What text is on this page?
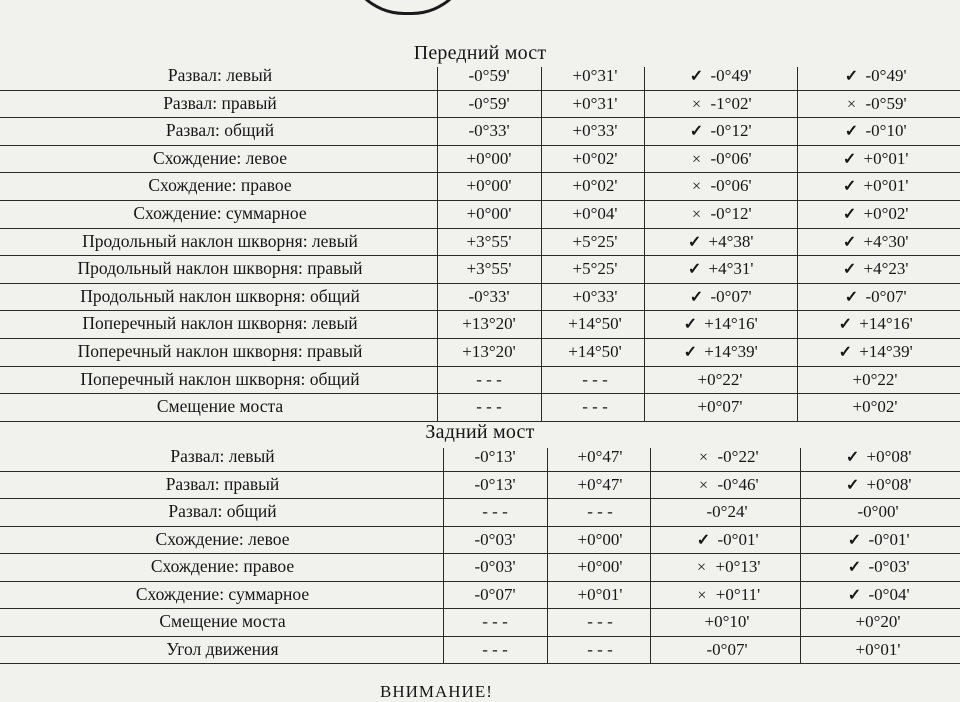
Передний мост
Развал: левый	-0°59'	+0°31'	✓ -0°49'	✓ -0°49'
Развал: правый	-0°59'	+0°31'	× -1°02'	× -0°59'
Развал: общий	-0°33'	+0°33'	✓ -0°12'	✓ -0°10'
Схождение: левое	+0°00'	+0°02'	× -0°06'	✓ +0°01'
Схождение: правое	+0°00'	+0°02'	× -0°06'	✓ +0°01'
Схождение: суммарное	+0°00'	+0°04'	× -0°12'	✓ +0°02'
Продольный наклон шкворня: левый	+3°55'	+5°25'	✓ +4°38'	✓ +4°30'
Продольный наклон шкворня: правый	+3°55'	+5°25'	✓ +4°31'	✓ +4°23'
Продольный наклон шкворня: общий	-0°33'	+0°33'	✓ -0°07'	✓ -0°07'
Поперечный наклон шкворня: левый	+13°20'	+14°50'	✓ +14°16'	✓ +14°16'
Поперечный наклон шкворня: правый	+13°20'	+14°50'	✓ +14°39'	✓ +14°39'
Поперечный наклон шкворня: общий	- - -	- - -	+0°22'	+0°22'
Смещение моста	- - -	- - -	+0°07'	+0°02'
Задний мост
Развал: левый	-0°13'	+0°47'	× -0°22'	✓ +0°08'
Развал: правый	-0°13'	+0°47'	× -0°46'	✓ +0°08'
Развал: общий	- - -	- - -	-0°24'	-0°00'
Схождение: левое	-0°03'	+0°00'	✓ -0°01'	✓ -0°01'
Схождение: правое	-0°03'	+0°00'	× +0°13'	✓ -0°03'
Схождение: суммарное	-0°07'	+0°01'	× +0°11'	✓ -0°04'
Смещение моста	- - -	- - -	+0°10'	+0°20'
Угол движения	- - -	- - -	-0°07'	+0°01'
ВНИМАНИЕ!
